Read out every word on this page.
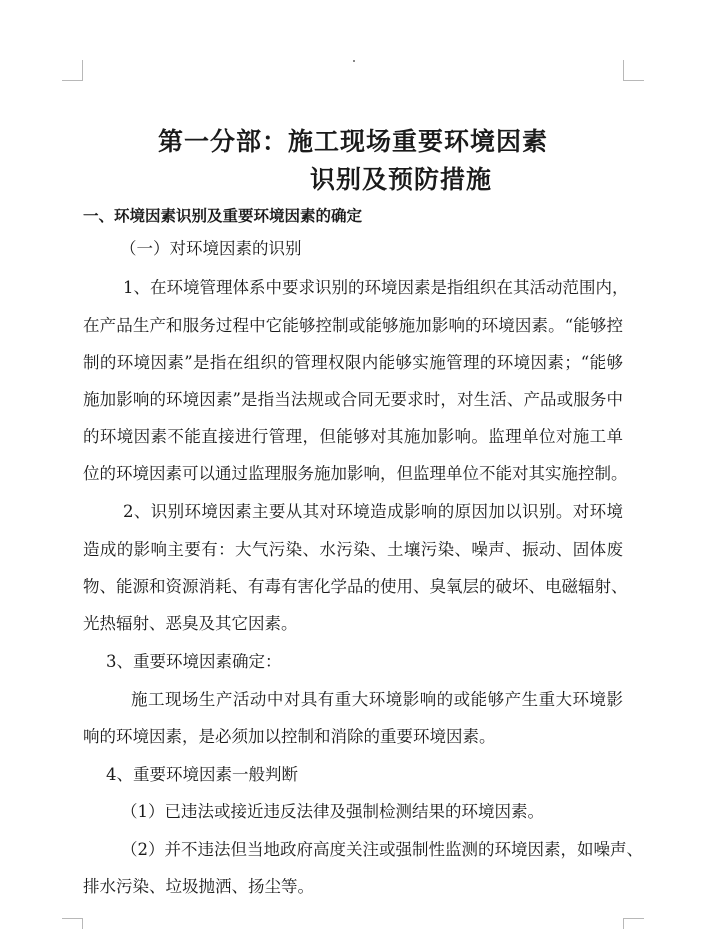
第一分部：施工现场重要环境因素
识别及预防措施
一、环境因素识别及重要环境因素的确定
（一）对环境因素的识别
1、在环境管理体系中要求识别的环境因素是指组织在其活动范围内，
在产品生产和服务过程中它能够控制或能够施加影响的环境因素。“能够控
制的环境因素”是指在组织的管理权限内能够实施管理的环境因素；“能够
施加影响的环境因素”是指当法规或合同无要求时，对生活、产品或服务中
的环境因素不能直接进行管理，但能够对其施加影响。监理单位对施工单
位的环境因素可以通过监理服务施加影响，但监理单位不能对其实施控制。
2、识别环境因素主要从其对环境造成影响的原因加以识别。对环境
造成的影响主要有：大气污染、水污染、土壤污染、噪声、振动、固体废
物、能源和资源消耗、有毒有害化学品的使用、臭氧层的破坏、电磁辐射、
光热辐射、恶臭及其它因素。
3、重要环境因素确定：
施工现场生产活动中对具有重大环境影响的或能够产生重大环境影
响的环境因素，是必须加以控制和消除的重要环境因素。
4、重要环境因素一般判断
（1）已违法或接近违反法律及强制检测结果的环境因素。
（2）并不违法但当地政府高度关注或强制性监测的环境因素，如噪声、
排水污染、垃圾抛洒、扬尘等。
